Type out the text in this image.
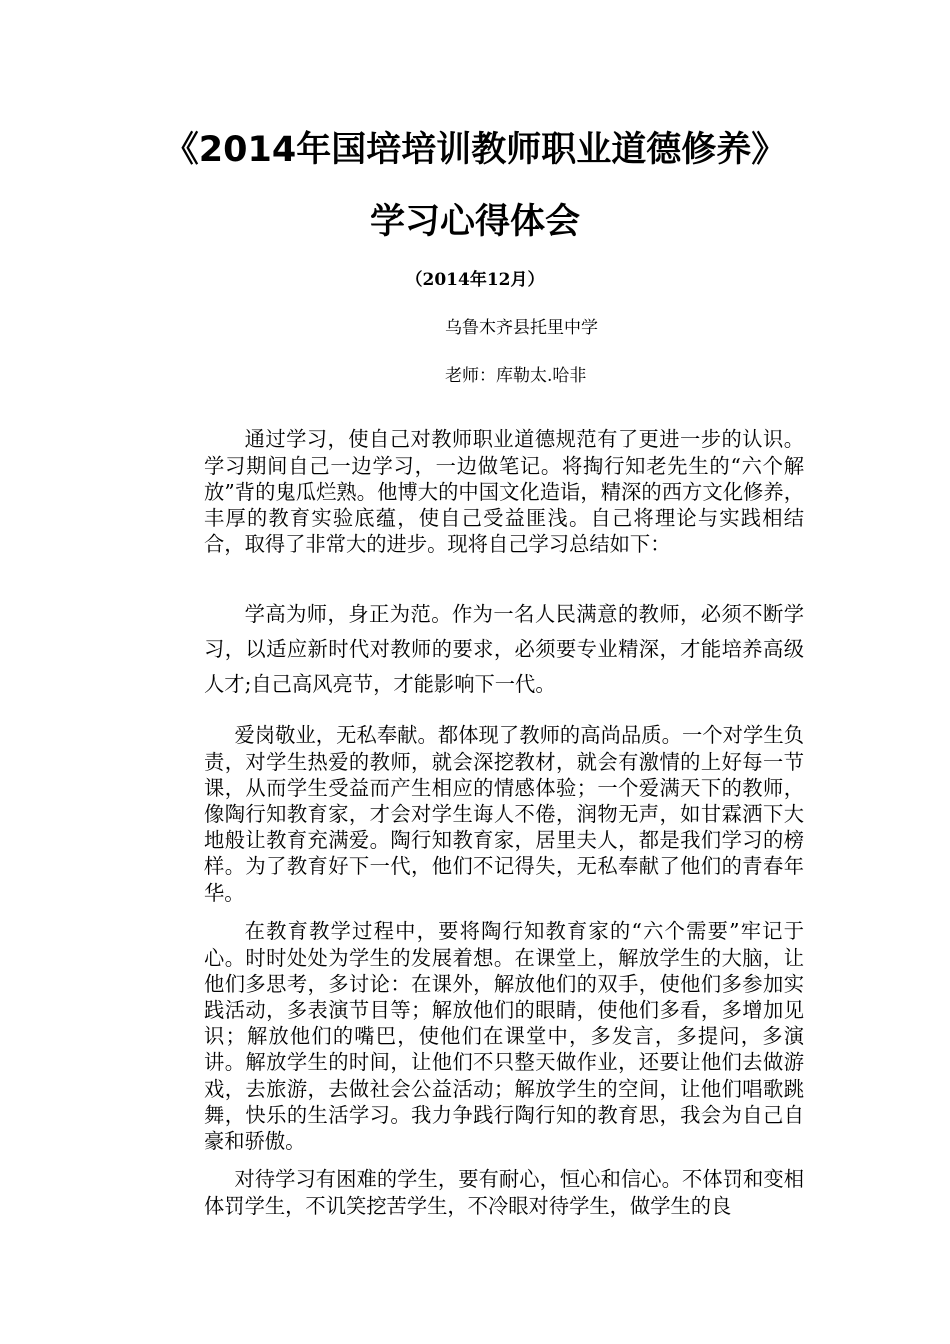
《2014年国培培训教师职业道德修养》
学习心得体会
（2014年12月）
乌鲁木齐县托里中学
老师：库勒太.哈非

通过学习，使自己对教师职业道德规范有了更进一步的认识。学习期间自己一边学习，一边做笔记。将掏行知老先生的“六个解放”背的鬼瓜烂熟。他博大的中国文化造诣，精深的西方文化修养，丰厚的教育实验底蕴，使自己受益匪浅。自己将理论与实践相结合，取得了非常大的进步。现将自己学习总结如下：

学高为师，身正为范。作为一名人民满意的教师，必须不断学习，以适应新时代对教师的要求，必须要专业精深，才能培养高级人才;自己高风亮节，才能影响下一代。

爱岗敬业，无私奉献。都体现了教师的高尚品质。一个对学生负责，对学生热爱的教师，就会深挖教材，就会有激情的上好每一节课，从而学生受益而产生相应的情感体验；一个爱满天下的教师，像陶行知教育家，才会对学生诲人不倦，润物无声，如甘霖洒下大地般让教育充满爱。陶行知教育家，居里夫人，都是我们学习的榜样。为了教育好下一代，他们不记得失，无私奉献了他们的青春年华。

在教育教学过程中，要将陶行知教育家的“六个需要”牢记于心。时时处处为学生的发展着想。在课堂上，解放学生的大脑，让他们多思考，多讨论：在课外，解放他们的双手，使他们多参加实践活动，多表演节目等；解放他们的眼睛，使他们多看，多增加见识；解放他们的嘴巴，使他们在课堂中，多发言，多提问，多演讲。解放学生的时间，让他们不只整天做作业，还要让他们去做游戏，去旅游，去做社会公益活动；解放学生的空间，让他们唱歌跳舞，快乐的生活学习。我力争践行陶行知的教育思，我会为自己自豪和骄傲。

对待学习有困难的学生，要有耐心，恒心和信心。不体罚和变相体罚学生，不讥笑挖苦学生，不冷眼对待学生，做学生的良
